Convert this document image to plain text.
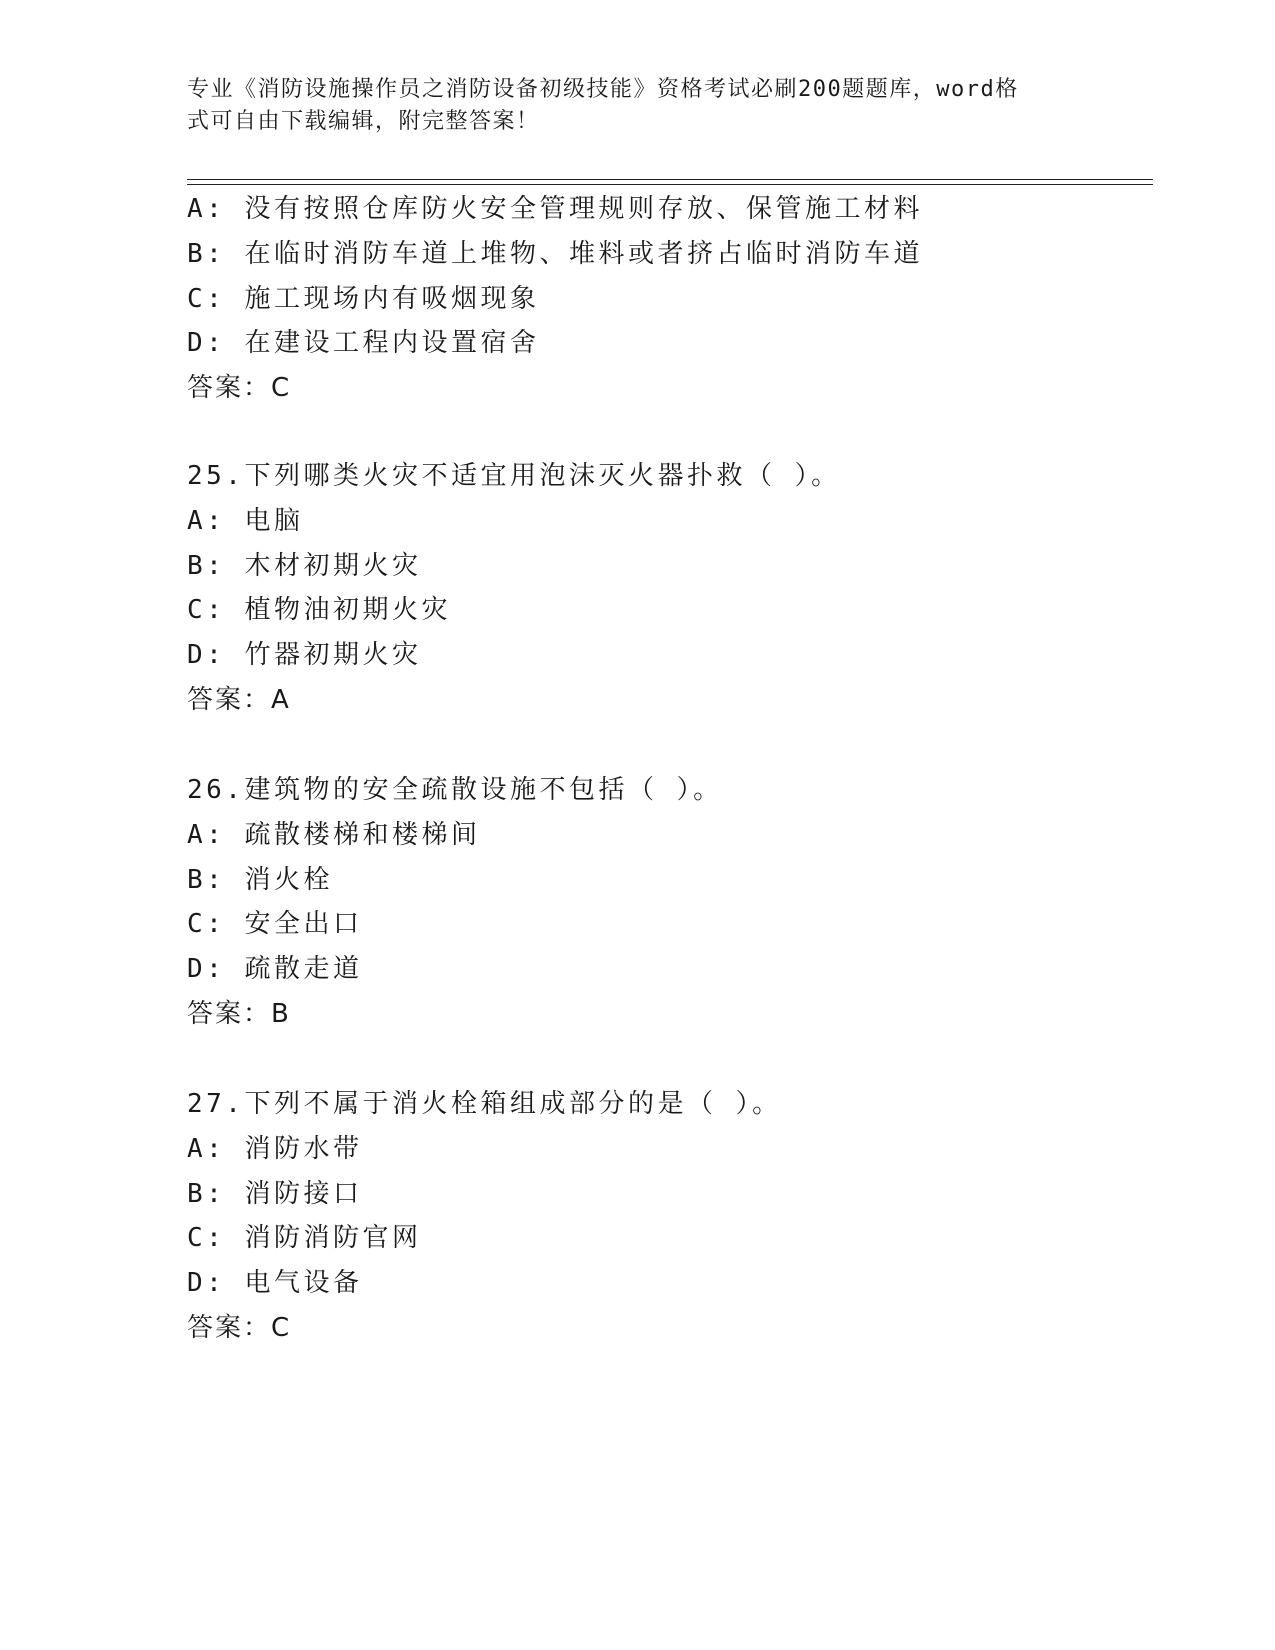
专业《消防设施操作员之消防设备初级技能》资格考试必刷200题题库，word格
式可自由下载编辑，附完整答案！
A: 没有按照仓库防火安全管理规则存放、保管施工材料
B: 在临时消防车道上堆物、堆料或者挤占临时消防车道
C: 施工现场内有吸烟现象
D: 在建设工程内设置宿舍
答案：C
25.下列哪类火灾不适宜用泡沫灭火器扑救（ ）。
A: 电脑
B: 木材初期火灾
C: 植物油初期火灾
D: 竹器初期火灾
答案：A
26.建筑物的安全疏散设施不包括（ ）。
A: 疏散楼梯和楼梯间
B: 消火栓
C: 安全出口
D: 疏散走道
答案：B
27.下列不属于消火栓箱组成部分的是（ ）。
A: 消防水带
B: 消防接口
C: 消防消防官网
D: 电气设备
答案：C
